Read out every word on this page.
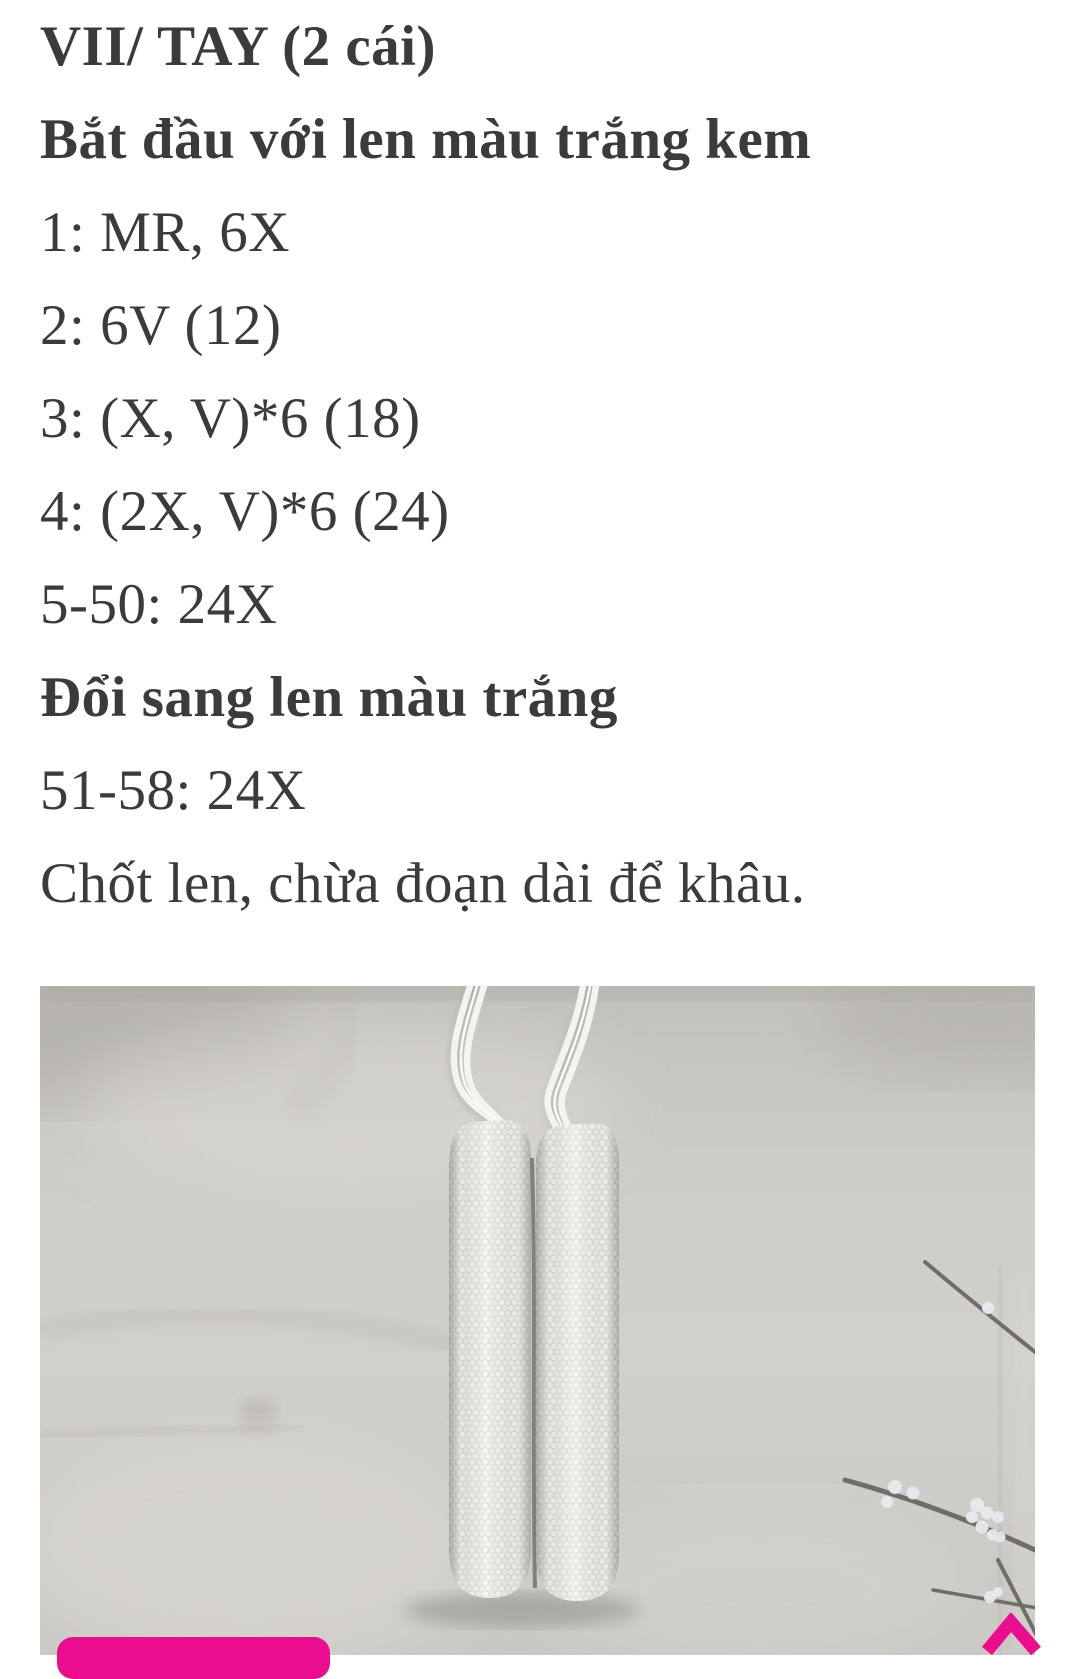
VII/ TAY (2 cái)

Bắt đầu với len màu trắng kem

1: MR, 6X

2: 6V (12)

3: (X, V)*6 (18)

4: (2X, V)*6 (24)

5-50: 24X

Đổi sang len màu trắng

51-58: 24X

Chốt len, chừa đoạn dài để khâu.
